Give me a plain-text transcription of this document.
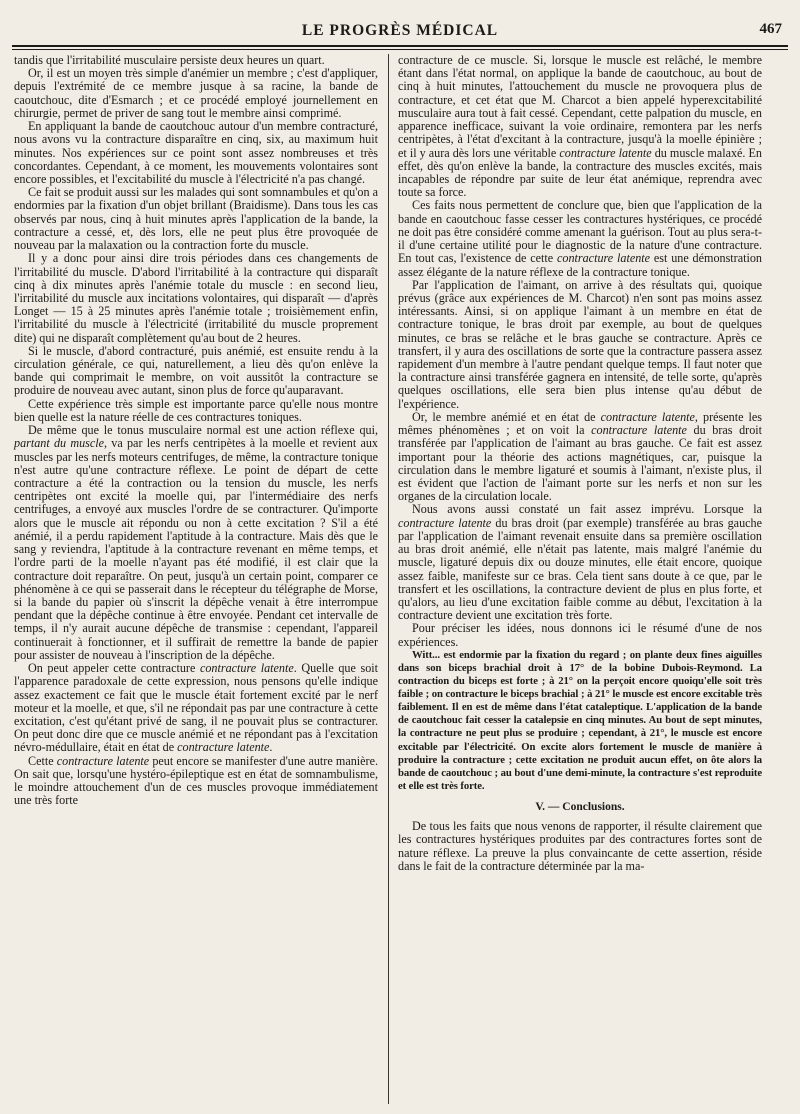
LE PROGRÈS MÉDICAL	467

tandis que l'irritabilité musculaire persiste deux heures un quart.

Or, il est un moyen très simple d'anémier un membre ; c'est d'appliquer, depuis l'extrémité de ce membre jusque à sa racine, la bande de caoutchouc, dite d'Esmarch ; et ce procédé employé journellement en chirurgie, permet de priver de sang tout le membre ainsi comprimé.

En appliquant la bande de caoutchouc autour d'un membre contracturé, nous avons vu la contracture disparaître en cinq, six, au maximum huit minutes. Nos expériences sur ce point sont assez nombreuses et très concordantes. Cependant, à ce moment, les mouvements volontaires sont encore possibles, et l'excitabilité du muscle à l'électricité n'a pas changé.

Ce fait se produit aussi sur les malades qui sont somnambules et qu'on a endormies par la fixation d'un objet brillant (Braidisme). Dans tous les cas observés par nous, cinq à huit minutes après l'application de la bande, la contracture a cessé, et, dès lors, elle ne peut plus être provoquée de nouveau par la malaxation ou la contraction forte du muscle.

Il y a donc pour ainsi dire trois périodes dans ces changements de l'irritabilité du muscle. D'abord l'irritabilité à la contracture qui disparaît cinq à dix minutes après l'anémie totale du muscle : en second lieu, l'irritabilité du muscle aux incitations volontaires, qui disparaît — d'après Longet — 15 à 25 minutes après l'anémie totale ; troisièmement enfin, l'irritabilité du muscle à l'électricité (irritabilité du muscle proprement dite) qui ne disparaît complètement qu'au bout de 2 heures.

Si le muscle, d'abord contracturé, puis anémié, est ensuite rendu à la circulation générale, ce qui, naturellement, a lieu dès qu'on enlève la bande qui comprimait le membre, on voit aussitôt la contracture se produire de nouveau avec autant, sinon plus de force qu'auparavant.

Cette expérience très simple est importante parce qu'elle nous montre bien quelle est la nature réelle de ces contractures toniques.

De même que le tonus musculaire normal est une action réflexe qui, partant du muscle, va par les nerfs centripètes à la moelle et revient aux muscles par les nerfs moteurs centrifuges, de même, la contracture tonique n'est autre qu'une contracture réflexe. Le point de départ de cette contracture a été la contraction ou la tension du muscle, les nerfs centripètes ont excité la moelle qui, par l'intermédiaire des nerfs centrifuges, a envoyé aux muscles l'ordre de se contracturer. Qu'importe alors que le muscle ait répondu ou non à cette excitation ? S'il a été anémié, il a perdu rapidement l'aptitude à la contracture. Mais dès que le sang y reviendra, l'aptitude à la contracture revenant en même temps, et l'ordre parti de la moelle n'ayant pas été modifié, il est clair que la contracture doit reparaître. On peut, jusqu'à un certain point, comparer ce phénomène à ce qui se passerait dans le récepteur du télégraphe de Morse, si la bande du papier où s'inscrit la dépêche venait à être interrompue pendant que la dépêche continue à être envoyée. Pendant cet intervalle de temps, il n'y aurait aucune dépêche de transmise : cependant, l'appareil continuerait à fonctionner, et il suffirait de remettre la bande de papier pour assister de nouveau à l'inscription de la dépêche.

On peut appeler cette contracture contracture latente. Quelle que soit l'apparence paradoxale de cette expression, nous pensons qu'elle indique assez exactement ce fait que le muscle était fortement excité par le nerf moteur et la moelle, et que, s'il ne répondait pas par une contracture à cette excitation, c'est qu'étant privé de sang, il ne pouvait plus se contracturer. On peut donc dire que ce muscle anémié et ne répondant pas à l'excitation névro-médullaire, était en état de contracture latente.

Cette contracture latente peut encore se manifester d'une autre manière. On sait que, lorsqu'une hystéro-épileptique est en état de somnambulisme, le moindre attouchement d'un de ces muscles provoque immédiatement une très forte

contracture de ce muscle. Si, lorsque le muscle est relâché, le membre étant dans l'état normal, on applique la bande de caoutchouc, au bout de cinq à huit minutes, l'attouchement du muscle ne provoquera plus de contracture, et cet état que M. Charcot a bien appelé hyperexcitabilité musculaire aura tout à fait cessé. Cependant, cette palpation du muscle, en apparence inefficace, suivant la voie ordinaire, remontera par les nerfs centripètes, à l'état d'excitant à la contracture, jusqu'à la moelle épinière ; et il y aura dès lors une véritable contracture latente du muscle malaxé. En effet, dès qu'on enlève la bande, la contracture des muscles excités, mais incapables de répondre par suite de leur état anémique, reprendra avec toute sa force.

Ces faits nous permettent de conclure que, bien que l'application de la bande en caoutchouc fasse cesser les contractures hystériques, ce procédé ne doit pas être considéré comme amenant la guérison. Tout au plus sera-t-il d'une certaine utilité pour le diagnostic de la nature d'une contracture. En tout cas, l'existence de cette contracture latente est une démonstration assez élégante de la nature réflexe de la contracture tonique.

Par l'application de l'aimant, on arrive à des résultats qui, quoique prévus (grâce aux expériences de M. Charcot) n'en sont pas moins assez intéressants. Ainsi, si on applique l'aimant à un membre en état de contracture tonique, le bras droit par exemple, au bout de quelques minutes, ce bras se relâche et le bras gauche se contracture. Après ce transfert, il y aura des oscillations de sorte que la contracture passera assez rapidement d'un membre à l'autre pendant quelque temps. Il faut noter que la contracture ainsi transférée gagnera en intensité, de telle sorte, qu'après quelques oscillations, elle sera bien plus intense qu'au début de l'expérience.

Or, le membre anémié et en état de contracture latente, présente les mêmes phénomènes ; et on voit la contracture latente du bras droit transférée par l'application de l'aimant au bras gauche. Ce fait est assez important pour la théorie des actions magnétiques, car, puisque la circulation dans le membre ligaturé et soumis à l'aimant, n'existe plus, il est évident que l'action de l'aimant porte sur les nerfs et non sur les organes de la circulation locale.

Nous avons aussi constaté un fait assez imprévu. Lorsque la contracture latente du bras droit (par exemple) transférée au bras gauche par l'application de l'aimant revenait ensuite dans sa première oscillation au bras droit anémié, elle n'était pas latente, mais malgré l'anémie du muscle, ligaturé depuis dix ou douze minutes, elle était encore, quoique assez faible, manifeste sur ce bras. Cela tient sans doute à ce que, par le transfert et les oscillations, la contracture devient de plus en plus forte, et qu'alors, au lieu d'une excitation faible comme au début, l'excitation à la contracture devient une excitation très forte.

Pour préciser les idées, nous donnons ici le résumé d'une de nos expériences.

Witt... est endormie par la fixation du regard ; on plante deux fines aiguilles dans son biceps brachial droit à 17° de la bobine Dubois-Reymond. La contraction du biceps est forte ; à 21° on la perçoit encore quoiqu'elle soit très faible ; on contracture le biceps brachial ; à 21° le muscle est encore excitable très faiblement. Il en est de même dans l'état cataleptique. L'application de la bande de caoutchouc fait cesser la catalepsie en cinq minutes. Au bout de sept minutes, la contracture ne peut plus se produire ; cependant, à 21°, le muscle est encore excitable par l'électricité. On excite alors fortement le muscle de manière à produire la contracture ; cette excitation ne produit aucun effet, on ôte alors la bande de caoutchouc ; au bout d'une demi-minute, la contracture s'est reproduite et elle est très forte.

V. — Conclusions.

De tous les faits que nous venons de rapporter, il résulte clairement que les contractures hystériques produites par des contractures fortes sont de nature réflexe. La preuve la plus convaincante de cette assertion, réside dans le fait de la contracture déterminée par la ma-
